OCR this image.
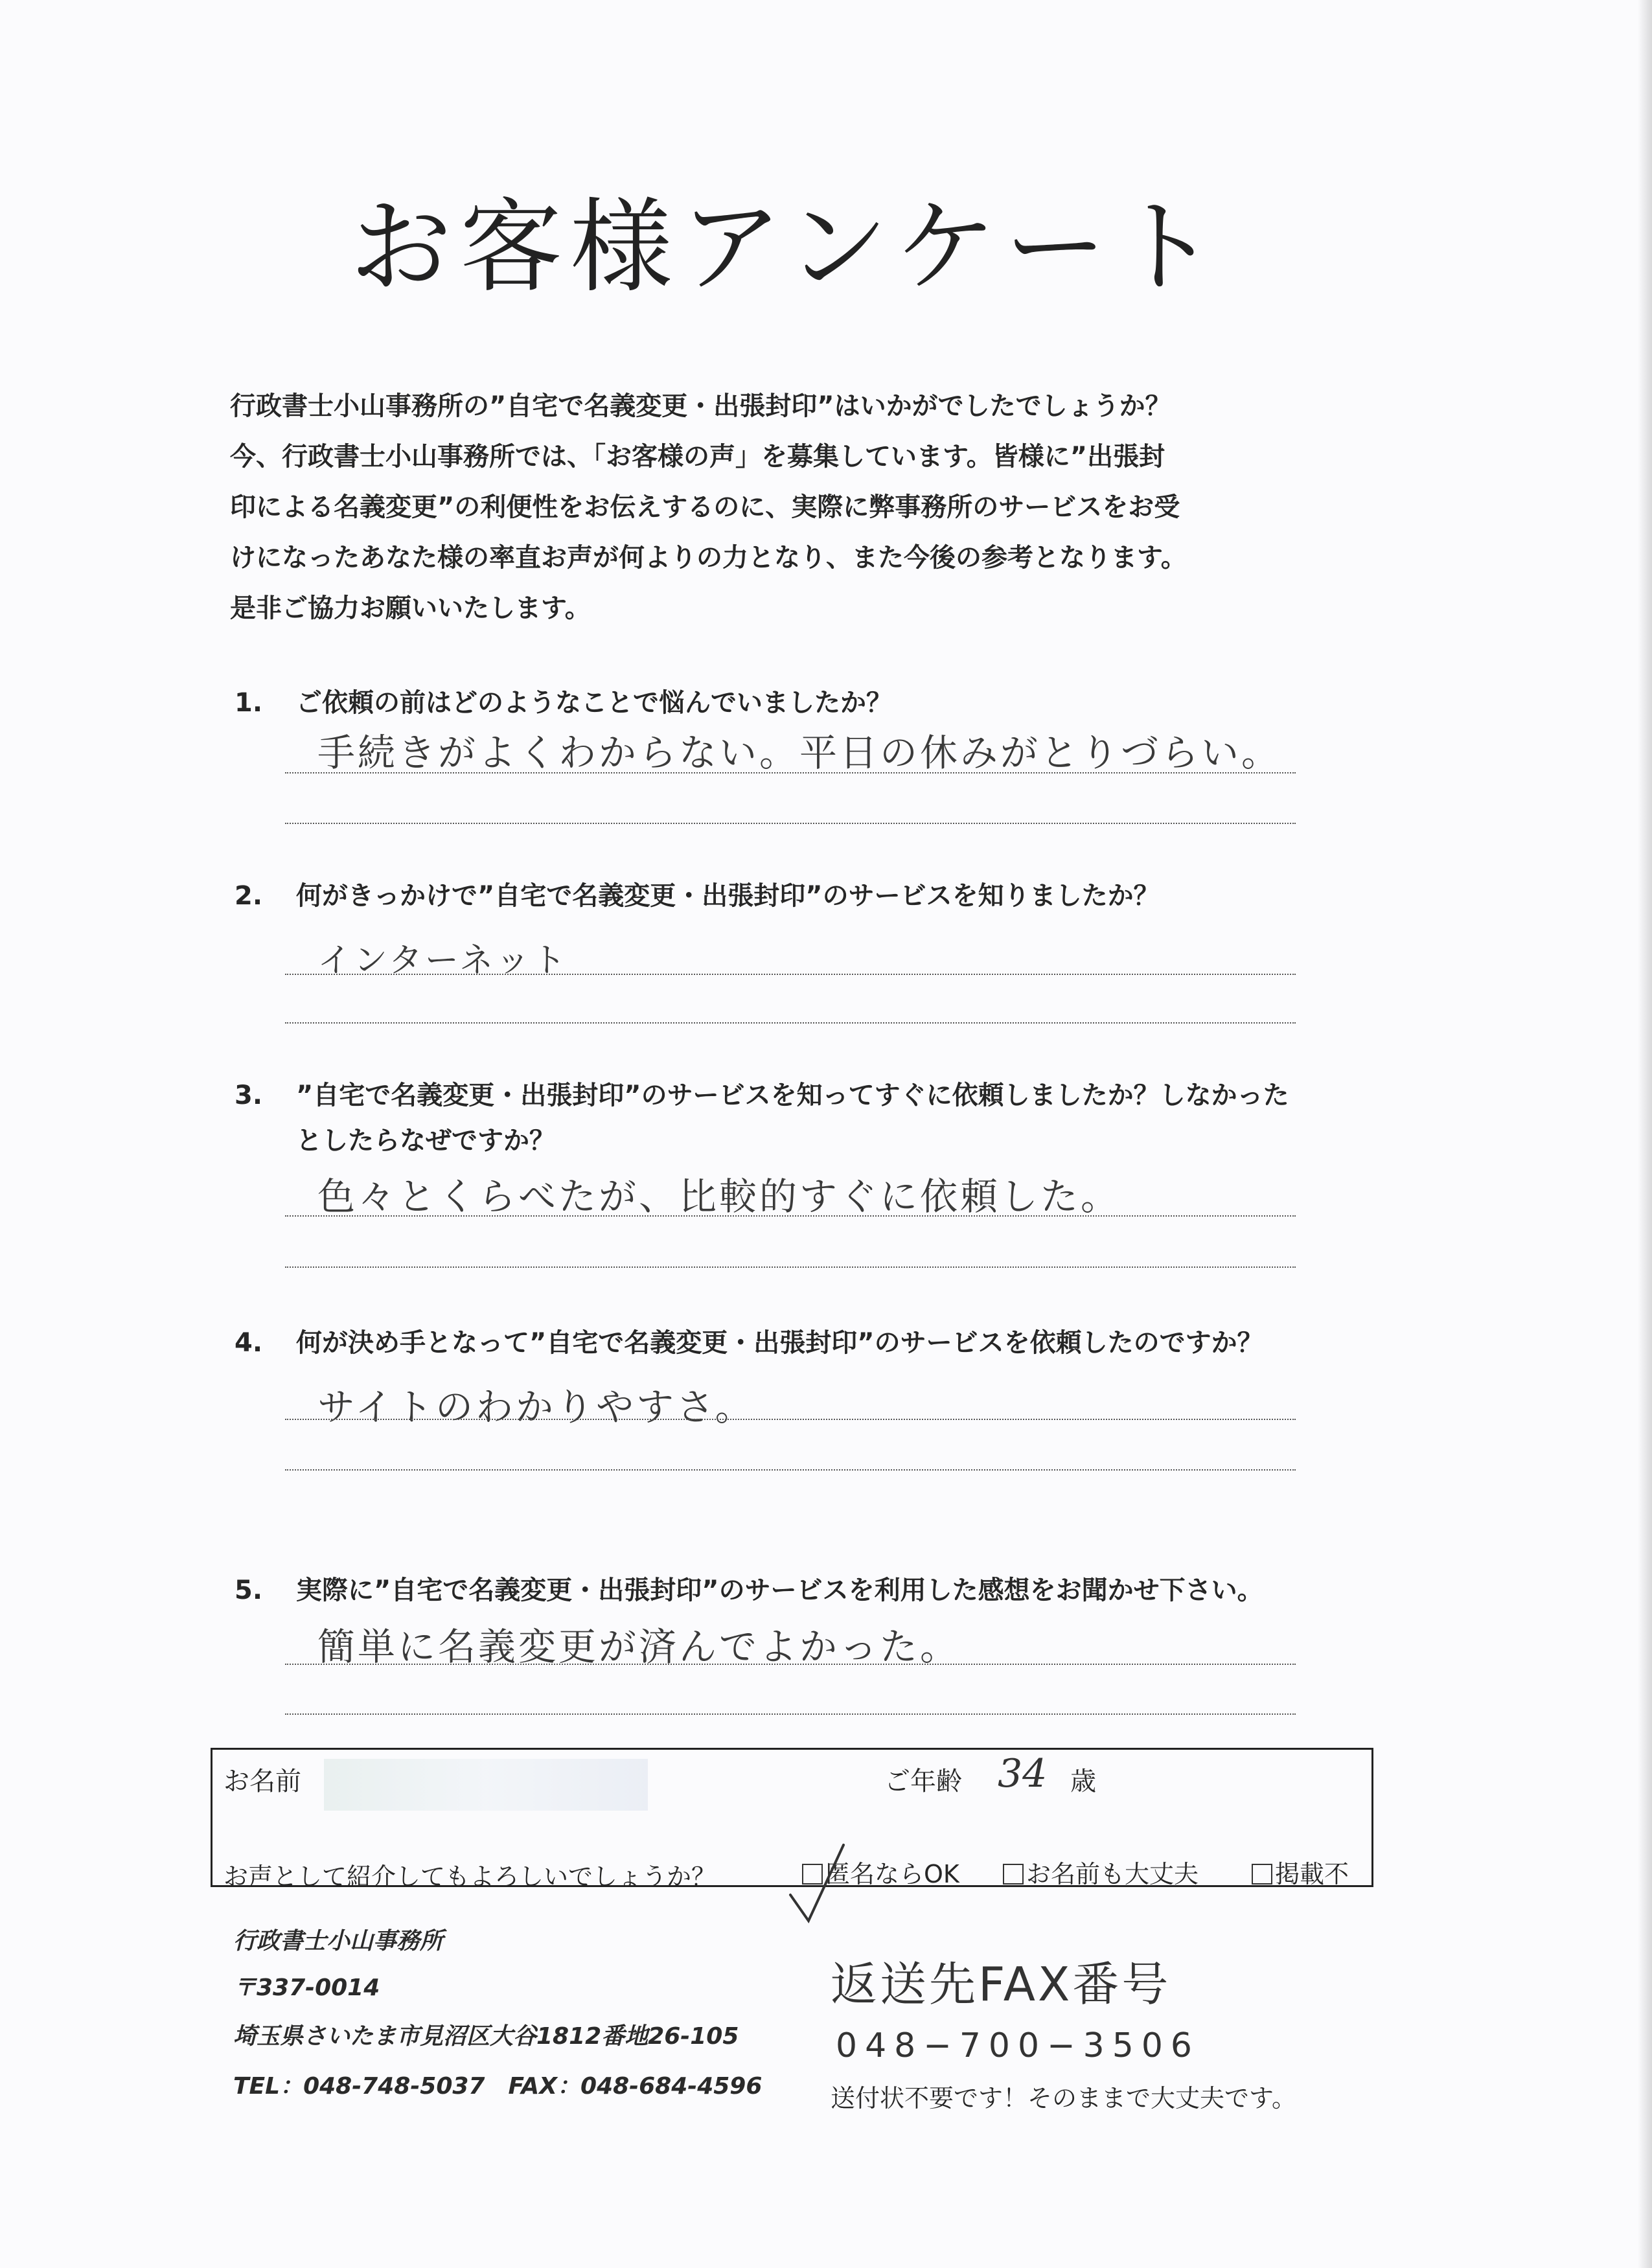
お客様アンケート
行政書士小山事務所の”自宅で名義変更・出張封印”はいかがでしたでしょうか？
今、行政書士小山事務所では、「お客様の声」を募集しています。皆様に”出張封
印による名義変更”の利便性をお伝えするのに、実際に弊事務所のサービスをお受
けになったあなた様の率直お声が何よりの力となり、また今後の参考となります。
是非ご協力お願いいたします。
1. ご依頼の前はどのようなことで悩んでいましたか？
手続きがよくわからない。平日の休みがとりづらい。
2. 何がきっかけで”自宅で名義変更・出張封印”のサービスを知りましたか？
インターネット
3. ”自宅で名義変更・出張封印”のサービスを知ってすぐに依頼しましたか？しなかった
としたらなぜですか？
色々とくらべたが、比較的すぐに依頼した。
4. 何が決め手となって”自宅で名義変更・出張封印”のサービスを依頼したのですか？
サイトのわかりやすさ。
5. 実際に”自宅で名義変更・出張封印”のサービスを利用した感想をお聞かせ下さい。
簡単に名義変更が済んでよかった。
お名前	ご年齢 34 歳
お声として紹介してもよろしいでしょうか？	匿名ならOK	お名前も大丈夫	掲載不
行政書士小山事務所
〒337-0014
埼玉県さいたま市見沼区大谷1812番地26-105
TEL：048-748-5037　FAX：048-684-4596
返送先FAX番号
048−700−3506
送付状不要です！そのままで大丈夫です。
